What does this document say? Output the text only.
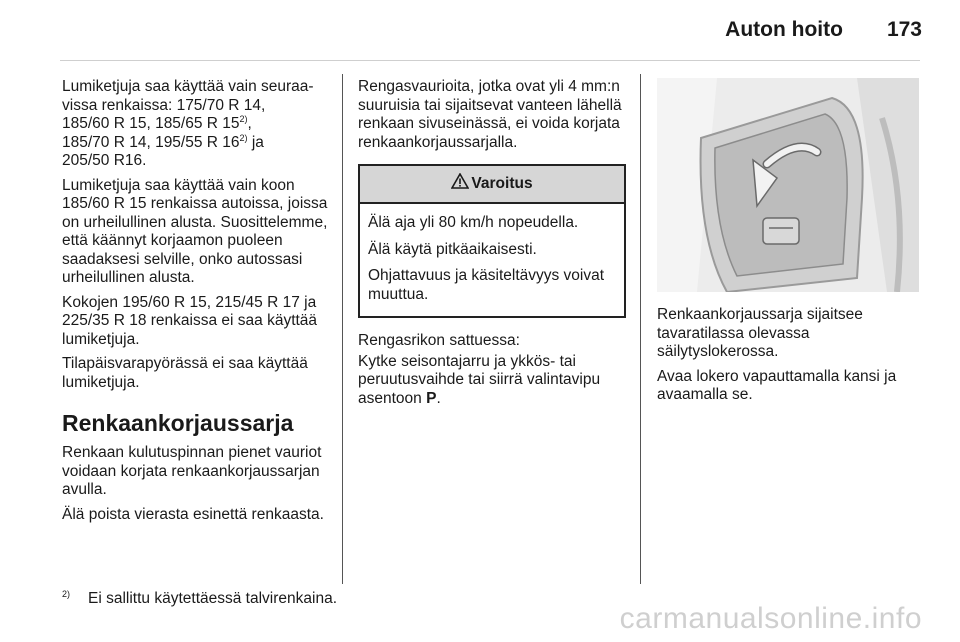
Auton hoito 173

Lumiketjuja saa käyttää vain seuraa-
vissa renkaissa: 175/70 R 14,
185/60 R 15, 185/65 R 15$^{2)}$,
185/70 R 14, 195/55 R 16$^{2)}$ ja
205/50 R16.

Lumiketjuja saa käyttää vain koon 185/60 R 15 renkaissa autoissa, joissa on urheilullinen alusta. Suosittelemme, että käännyt korjaamon puoleen saadaksesi selville, onko autossasi urheilullinen alusta.

Kokojen 195/60 R 15, 215/45 R 17 ja 225/35 R 18 renkaissa ei saa käyttää lumiketjuja.

Tilapäisvarapyörässä ei saa käyttää lumiketjuja.

Renkaankorjaussarja

Renkaan kulutuspinnan pienet vauriot voidaan korjata renkaankorjaussarjan avulla.

Älä poista vierasta esinettä renkaasta.

Rengasvaurioita, jotka ovat yli 4 mm:n suuruisia tai sijaitsevat vanteen lähellä renkaan sivuseinässä, ei voida korjata renkaankorjaussarjalla.

Varoitus

Älä aja yli 80 km/h nopeudella.

Älä käytä pitkäaikaisesti.

Ohjattavuus ja käsiteltävyys voivat muuttua.

Rengasrikon sattuessa:

Kytke seisontajarru ja ykkös- tai peruutusvaihde tai siirrä valintavipu asentoon P.

Renkaankorjaussarja sijaitsee tavaratilassa olevassa säilytyslokerossa.

Avaa lokero vapauttamalla kansi ja avaamalla se.

2) Ei sallittu käytettäessä talvirenkaina.
carmanualsonline.info
